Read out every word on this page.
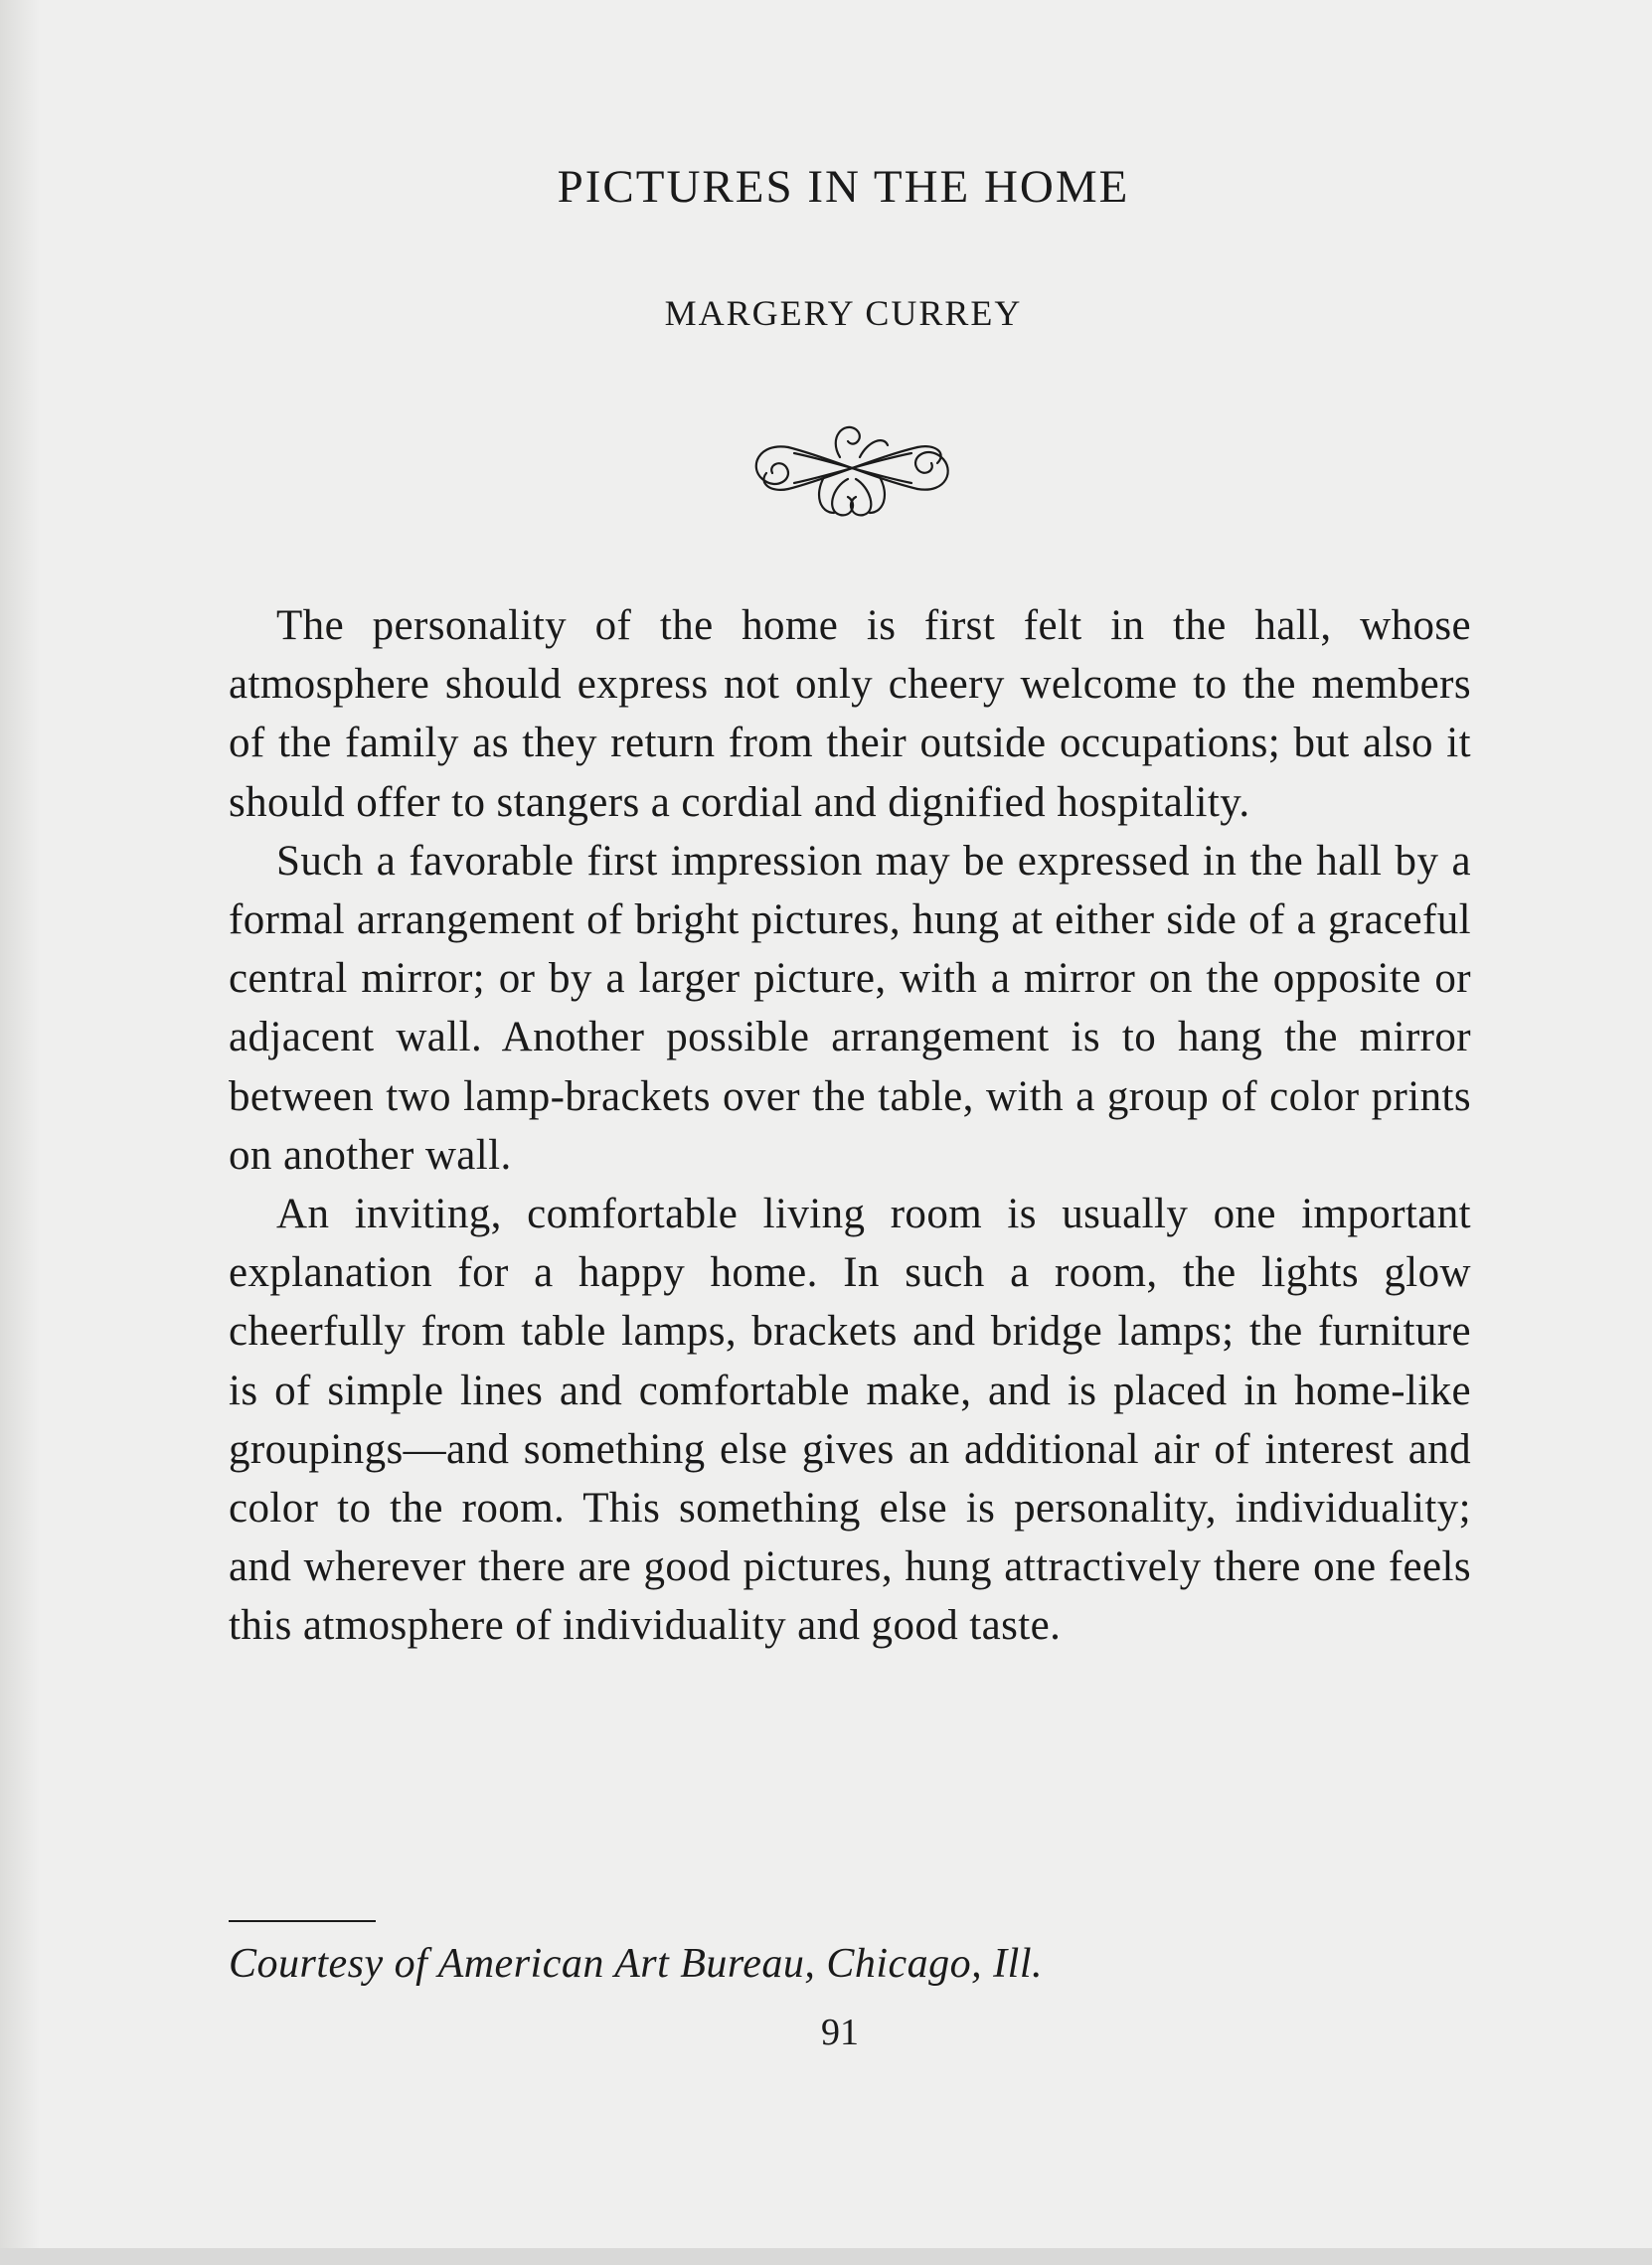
PICTURES IN THE HOME
MARGERY CURREY

The personality of the home is first felt in the hall, whose atmosphere should express not only cheery welcome to the members of the family as they return from their outside occupations; but also it should offer to stangers a cordial and dignified hospitality.

Such a favorable first impression may be expressed in the hall by a formal arrangement of bright pictures, hung at either side of a graceful central mirror; or by a larger picture, with a mirror on the opposite or adjacent wall. Another possible arrangement is to hang the mirror between two lamp-brackets over the table, with a group of color prints on another wall.

An inviting, comfortable living room is usually one important explanation for a happy home. In such a room, the lights glow cheerfully from table lamps, brackets and bridge lamps; the furniture is of simple lines and comfortable make, and is placed in home-like groupings—and something else gives an additional air of interest and color to the room. This something else is personality, individuality; and wherever there are good pictures, hung attractively there one feels this atmosphere of individuality and good taste.

Courtesy of American Art Bureau, Chicago, Ill.
91
